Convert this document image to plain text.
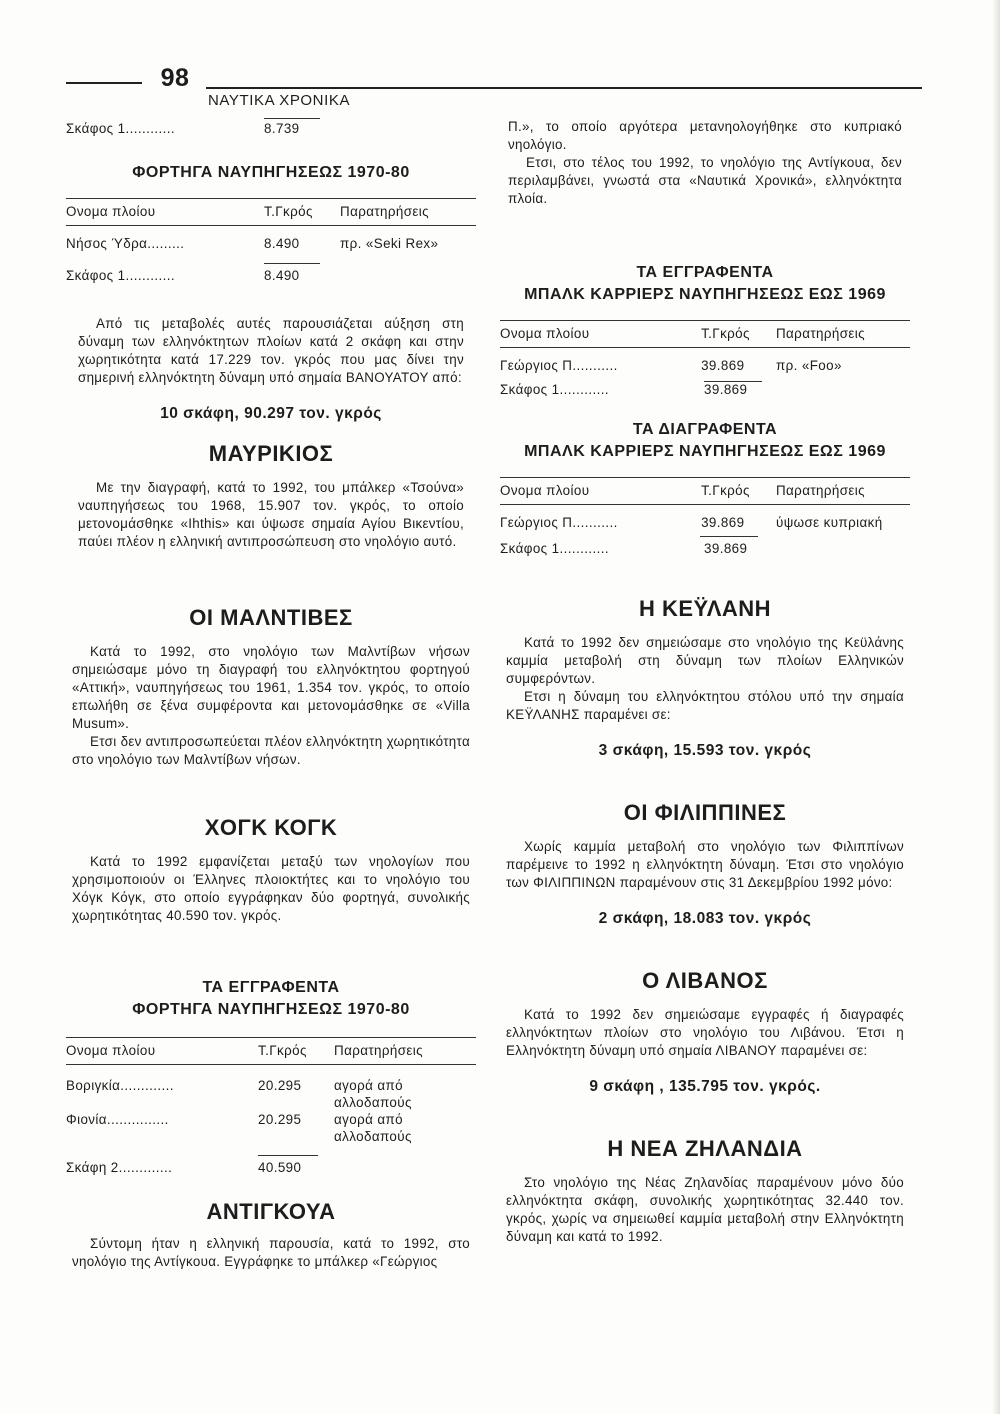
98
ΝΑΥΤΙΚΑ ΧΡΟΝΙΚΑ
Σκάφος 1............	8.739
ΦΟΡΤΗΓΑ ΝΑΥΠΗΓΗΣΕΩΣ 1970-80
Ονομα πλοίου	Τ.Γκρός	Παρατηρήσεις
Νήσος Ύδρα.........	8.490	πρ. «Seki Rex»
Σκάφος 1............	8.490

Από τις μεταβολές αυτές παρουσιάζεται αύξηση στη δύναμη των ελληνόκτητων πλοίων κατά 2 σκάφη και στην χωρητικότητα κατά 17.229 τον. γκρός που μας δίνει την σημερινή ελληνόκτητη δύναμη υπό σημαία ΒΑΝΟΥΑΤΟΥ από:

10 σκάφη, 90.297 τον. γκρός
ΜΑΥΡΙΚΙΟΣ

Με την διαγραφή, κατά το 1992, του μπάλκερ «Τσούνα» ναυπηγήσεως του 1968, 15.907 τον. γκρός, το οποίο μετονομάσθηκε «Ihthis» και ύψωσε σημαία Αγίου Βικεντίου, παύει πλέον η ελληνική αντιπροσώπευση στο νηολόγιο αυτό.

ΟΙ ΜΑΛΝΤΙΒΕΣ

Κατά το 1992, στο νηολόγιο των Μαλντίβων νήσων σημειώσαμε μόνο τη διαγραφή του ελληνόκτητου φορτηγού «Αττική», ναυπηγήσεως του 1961, 1.354 τον. γκρός, το οποίο επωλήθη σε ξένα συμφέροντα και μετονομάσθηκε σε «Villa Musum».

Ετσι δεν αντιπροσωπεύεται πλέον ελληνόκτητη χωρητικότητα στο νηολόγιο των Μαλντίβων νήσων.

ΧΟΓΚ ΚΟΓΚ

Κατά το 1992 εμφανίζεται μεταξύ των νηολογίων που χρησιμοποιούν οι Έλληνες πλοιοκτήτες και το νηολόγιο του Χόγκ Κόγκ, στο οποίο εγγράφηκαν δύο φορτηγά, συνολικής χωρητικότητας 40.590 τον. γκρός.

ΤΑ ΕΓΓΡΑΦΕΝΤΑ
ΦΟΡΤΗΓΑ ΝΑΥΠΗΓΗΣΕΩΣ 1970-80
Ονομα πλοίου	Τ.Γκρός	Παρατηρήσεις
Βοριγκία.............	20.295	αγορά από αλλοδαπούς
Φιονία...............	20.295	αγορά από αλλοδαπούς
Σκάφη 2.............	40.590
ΑΝΤΙΓΚΟΥΑ

Σύντομη ήταν η ελληνική παρουσία, κατά το 1992, στο νηολόγιο της Αντίγκουα. Εγγράφηκε το μπάλκερ «Γεώργιος

Π.», το οποίο αργότερα μετανηολογήθηκε στο κυπριακό νηολόγιο.

Ετσι, στο τέλος του 1992, το νηολόγιο της Αντίγκουα, δεν περιλαμβάνει, γνωστά στα «Ναυτικά Χρονικά», ελληνόκτητα πλοία.

ΤΑ ΕΓΓΡΑΦΕΝΤΑ
ΜΠΑΛΚ ΚΑΡΡΙΕΡΣ ΝΑΥΠΗΓΗΣΕΩΣ ΕΩΣ 1969
Ονομα πλοίου	Τ.Γκρός	Παρατηρήσεις
Γεώργιος Π...........	39.869	πρ. «Foo»
Σκάφος 1............	39.869
ΤΑ ΔΙΑΓΡΑΦΕΝΤΑ
ΜΠΑΛΚ ΚΑΡΡΙΕΡΣ ΝΑΥΠΗΓΗΣΕΩΣ ΕΩΣ 1969
Ονομα πλοίου	Τ.Γκρός	Παρατηρήσεις
Γεώργιος Π...........	39.869	ύψωσε κυπριακή
Σκάφος 1............	39.869
Η ΚΕΫΛΑΝΗ

Κατά το 1992 δεν σημειώσαμε στο νηολόγιο της Κεϋλάνης καμμία μεταβολή στη δύναμη των πλοίων Ελληνικών συμφερόντων.

Ετσι η δύναμη του ελληνόκτητου στόλου υπό την σημαία ΚΕΫΛΑΝΗΣ παραμένει σε:

3 σκάφη, 15.593 τον. γκρός
ΟΙ ΦΙΛΙΠΠΙΝΕΣ

Χωρίς καμμία μεταβολή στο νηολόγιο των Φιλιππίνων παρέμεινε το 1992 η ελληνόκτητη δύναμη. Έτσι στο νηολόγιο των ΦΙΛΙΠΠΙΝΩΝ παραμένουν στις 31 Δεκεμβρίου 1992 μόνο:

2 σκάφη, 18.083 τον. γκρός
Ο ΛΙΒΑΝΟΣ

Κατά το 1992 δεν σημειώσαμε εγγραφές ή διαγραφές ελληνόκτητων πλοίων στο νηολόγιο του Λιβάνου. Έτσι η Ελληνόκτητη δύναμη υπό σημαία ΛΙΒΑΝΟΥ παραμένει σε:

9 σκάφη , 135.795 τον. γκρός.
Η ΝΕΑ ΖΗΛΑΝΔΙΑ

Στο νηολόγιο της Νέας Ζηλανδίας παραμένουν μόνο δύο ελληνόκτητα σκάφη, συνολικής χωρητικότητας 32.440 τον. γκρός, χωρίς να σημειωθεί καμμία μεταβολή στην Ελληνόκτητη δύναμη και κατά το 1992.
